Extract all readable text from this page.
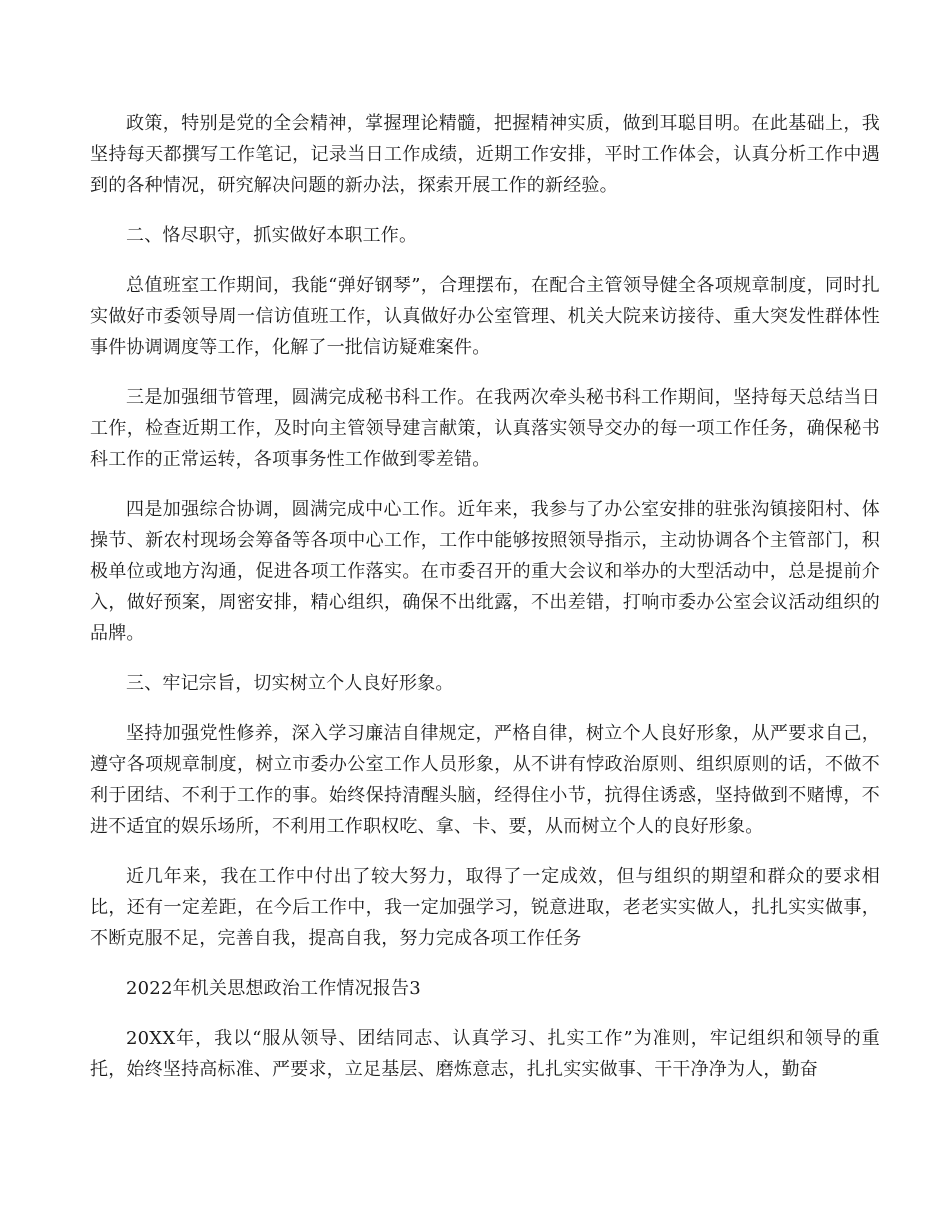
政策，特别是党的全会精神，掌握理论精髓，把握精神实质，做到耳聪目明。在此基础上，我坚持每天都撰写工作笔记，记录当日工作成绩，近期工作安排，平时工作体会，认真分析工作中遇到的各种情况，研究解决问题的新办法，探索开展工作的新经验。

二、恪尽职守，抓实做好本职工作。

总值班室工作期间，我能“弹好钢琴”，合理摆布，在配合主管领导健全各项规章制度，同时扎实做好市委领导周一信访值班工作，认真做好办公室管理、机关大院来访接待、重大突发性群体性事件协调调度等工作，化解了一批信访疑难案件。

三是加强细节管理，圆满完成秘书科工作。在我两次牵头秘书科工作期间，坚持每天总结当日工作，检查近期工作，及时向主管领导建言献策，认真落实领导交办的每一项工作任务，确保秘书科工作的正常运转，各项事务性工作做到零差错。

四是加强综合协调，圆满完成中心工作。近年来，我参与了办公室安排的驻张沟镇接阳村、体操节、新农村现场会筹备等各项中心工作，工作中能够按照领导指示，主动协调各个主管部门，积极单位或地方沟通，促进各项工作落实。在市委召开的重大会议和举办的大型活动中，总是提前介入，做好预案，周密安排，精心组织，确保不出纰露，不出差错，打响市委办公室会议活动组织的品牌。

三、牢记宗旨，切实树立个人良好形象。

坚持加强党性修养，深入学习廉洁自律规定，严格自律，树立个人良好形象，从严要求自己，遵守各项规章制度，树立市委办公室工作人员形象，从不讲有悖政治原则、组织原则的话，不做不利于团结、不利于工作的事。始终保持清醒头脑，经得住小节，抗得住诱惑，坚持做到不赌博，不进不适宜的娱乐场所，不利用工作职权吃、拿、卡、要，从而树立个人的良好形象。

近几年来，我在工作中付出了较大努力，取得了一定成效，但与组织的期望和群众的要求相比，还有一定差距，在今后工作中，我一定加强学习，锐意进取，老老实实做人，扎扎实实做事，不断克服不足，完善自我，提高自我，努力完成各项工作任务

2022年机关思想政治工作情况报告3

20XX年，我以“服从领导、团结同志、认真学习、扎实工作”为准则，牢记组织和领导的重托，始终坚持高标准、严要求，立足基层、磨炼意志，扎扎实实做事、干干净净为人，勤奋
